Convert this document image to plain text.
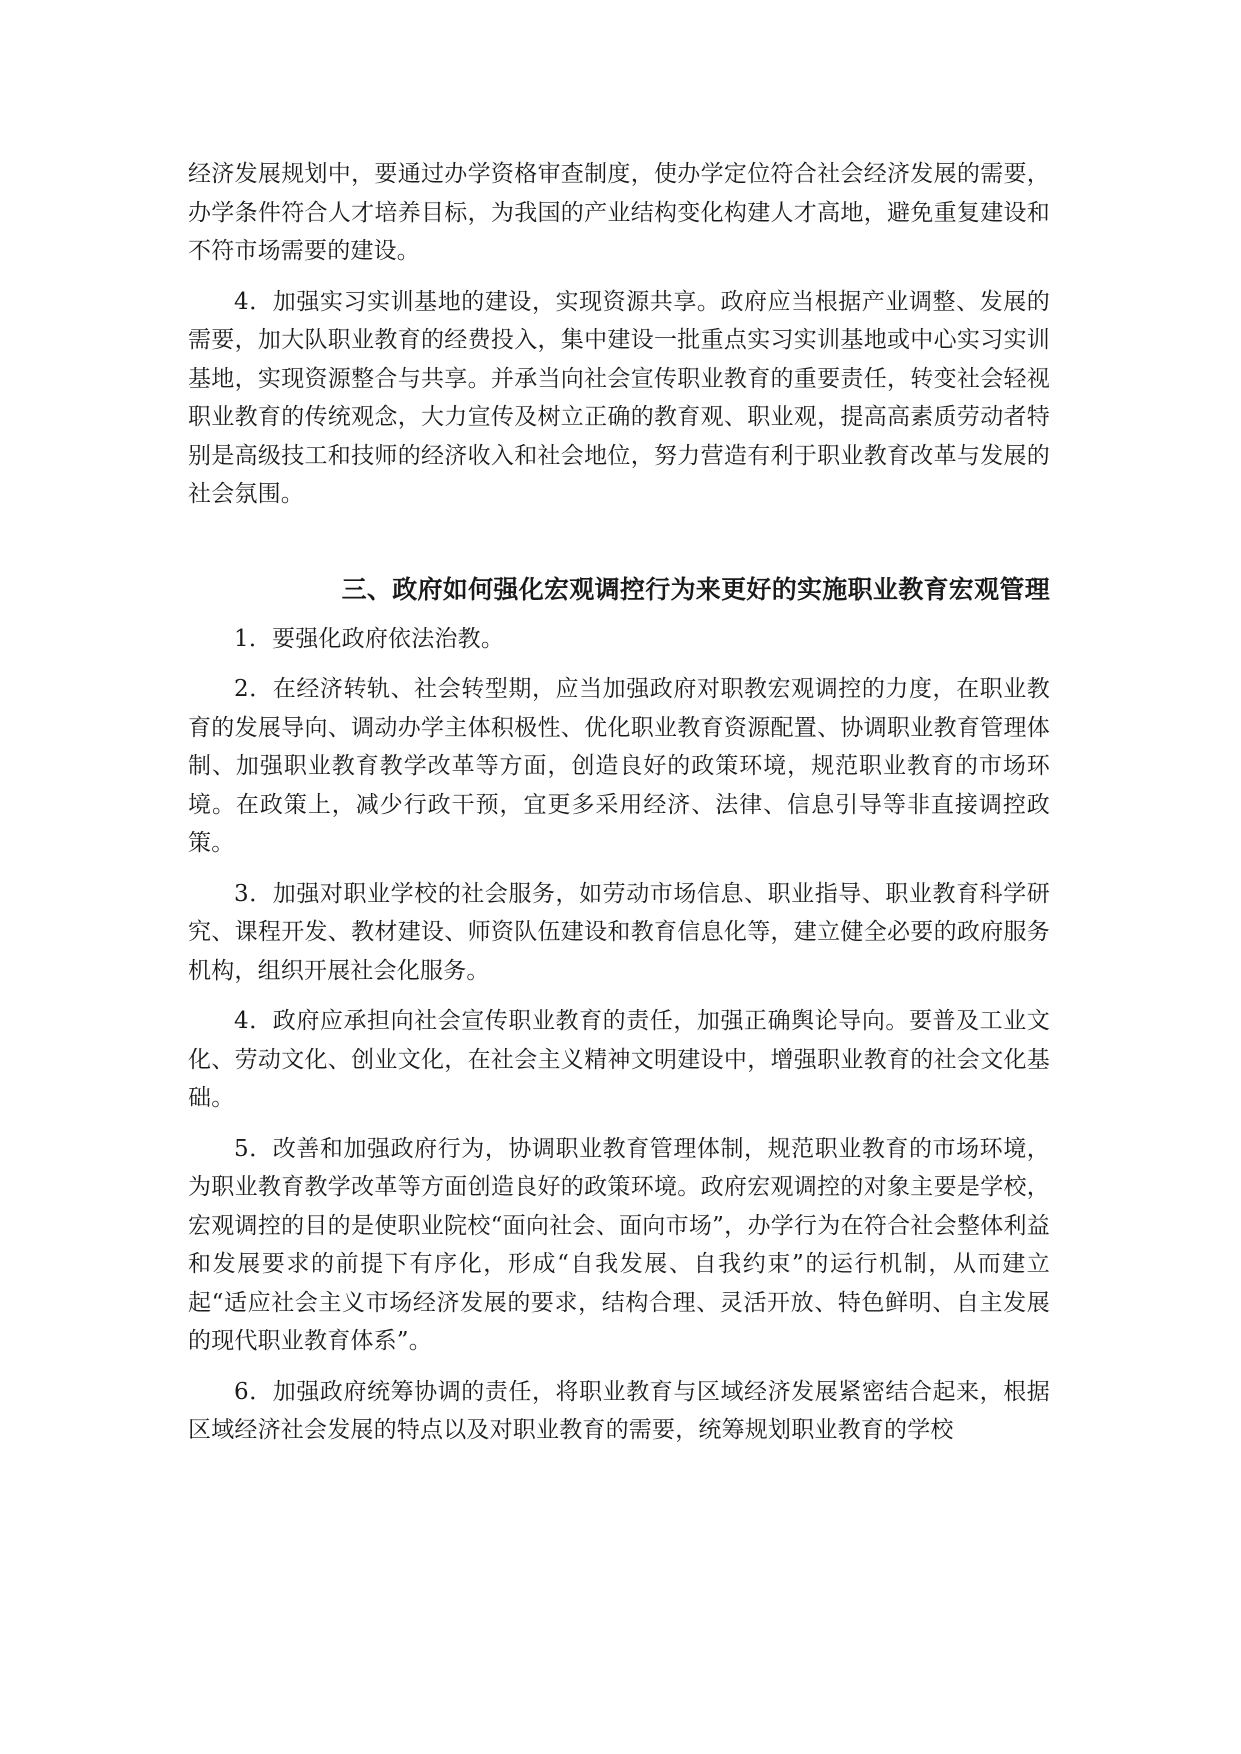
经济发展规划中，要通过办学资格审查制度，使办学定位符合社会经济发展的需要，办学条件符合人才培养目标，为我国的产业结构变化构建人才高地，避免重复建设和不符市场需要的建设。

4．加强实习实训基地的建设，实现资源共享。政府应当根据产业调整、发展的需要，加大队职业教育的经费投入，集中建设一批重点实习实训基地或中心实习实训基地，实现资源整合与共享。并承当向社会宣传职业教育的重要责任，转变社会轻视职业教育的传统观念，大力宣传及树立正确的教育观、职业观，提高高素质劳动者特别是高级技工和技师的经济收入和社会地位，努力营造有利于职业教育改革与发展的社会氛围。

三、政府如何强化宏观调控行为来更好的实施职业教育宏观管理

1．要强化政府依法治教。

2．在经济转轨、社会转型期，应当加强政府对职教宏观调控的力度，在职业教育的发展导向、调动办学主体积极性、优化职业教育资源配置、协调职业教育管理体制、加强职业教育教学改革等方面，创造良好的政策环境，规范职业教育的市场环境。在政策上，减少行政干预，宜更多采用经济、法律、信息引导等非直接调控政策。

3．加强对职业学校的社会服务，如劳动市场信息、职业指导、职业教育科学研究、课程开发、教材建设、师资队伍建设和教育信息化等，建立健全必要的政府服务机构，组织开展社会化服务。

4．政府应承担向社会宣传职业教育的责任，加强正确舆论导向。要普及工业文化、劳动文化、创业文化，在社会主义精神文明建设中，增强职业教育的社会文化基础。

5．改善和加强政府行为，协调职业教育管理体制，规范职业教育的市场环境，为职业教育教学改革等方面创造良好的政策环境。政府宏观调控的对象主要是学校，宏观调控的目的是使职业院校“面向社会、面向市场”，办学行为在符合社会整体利益和发展要求的前提下有序化，形成“自我发展、自我约束”的运行机制，从而建立起“适应社会主义市场经济发展的要求，结构合理、灵活开放、特色鲜明、自主发展的现代职业教育体系”。

6．加强政府统筹协调的责任，将职业教育与区域经济发展紧密结合起来，根据区域经济社会发展的特点以及对职业教育的需要，统筹规划职业教育的学校
